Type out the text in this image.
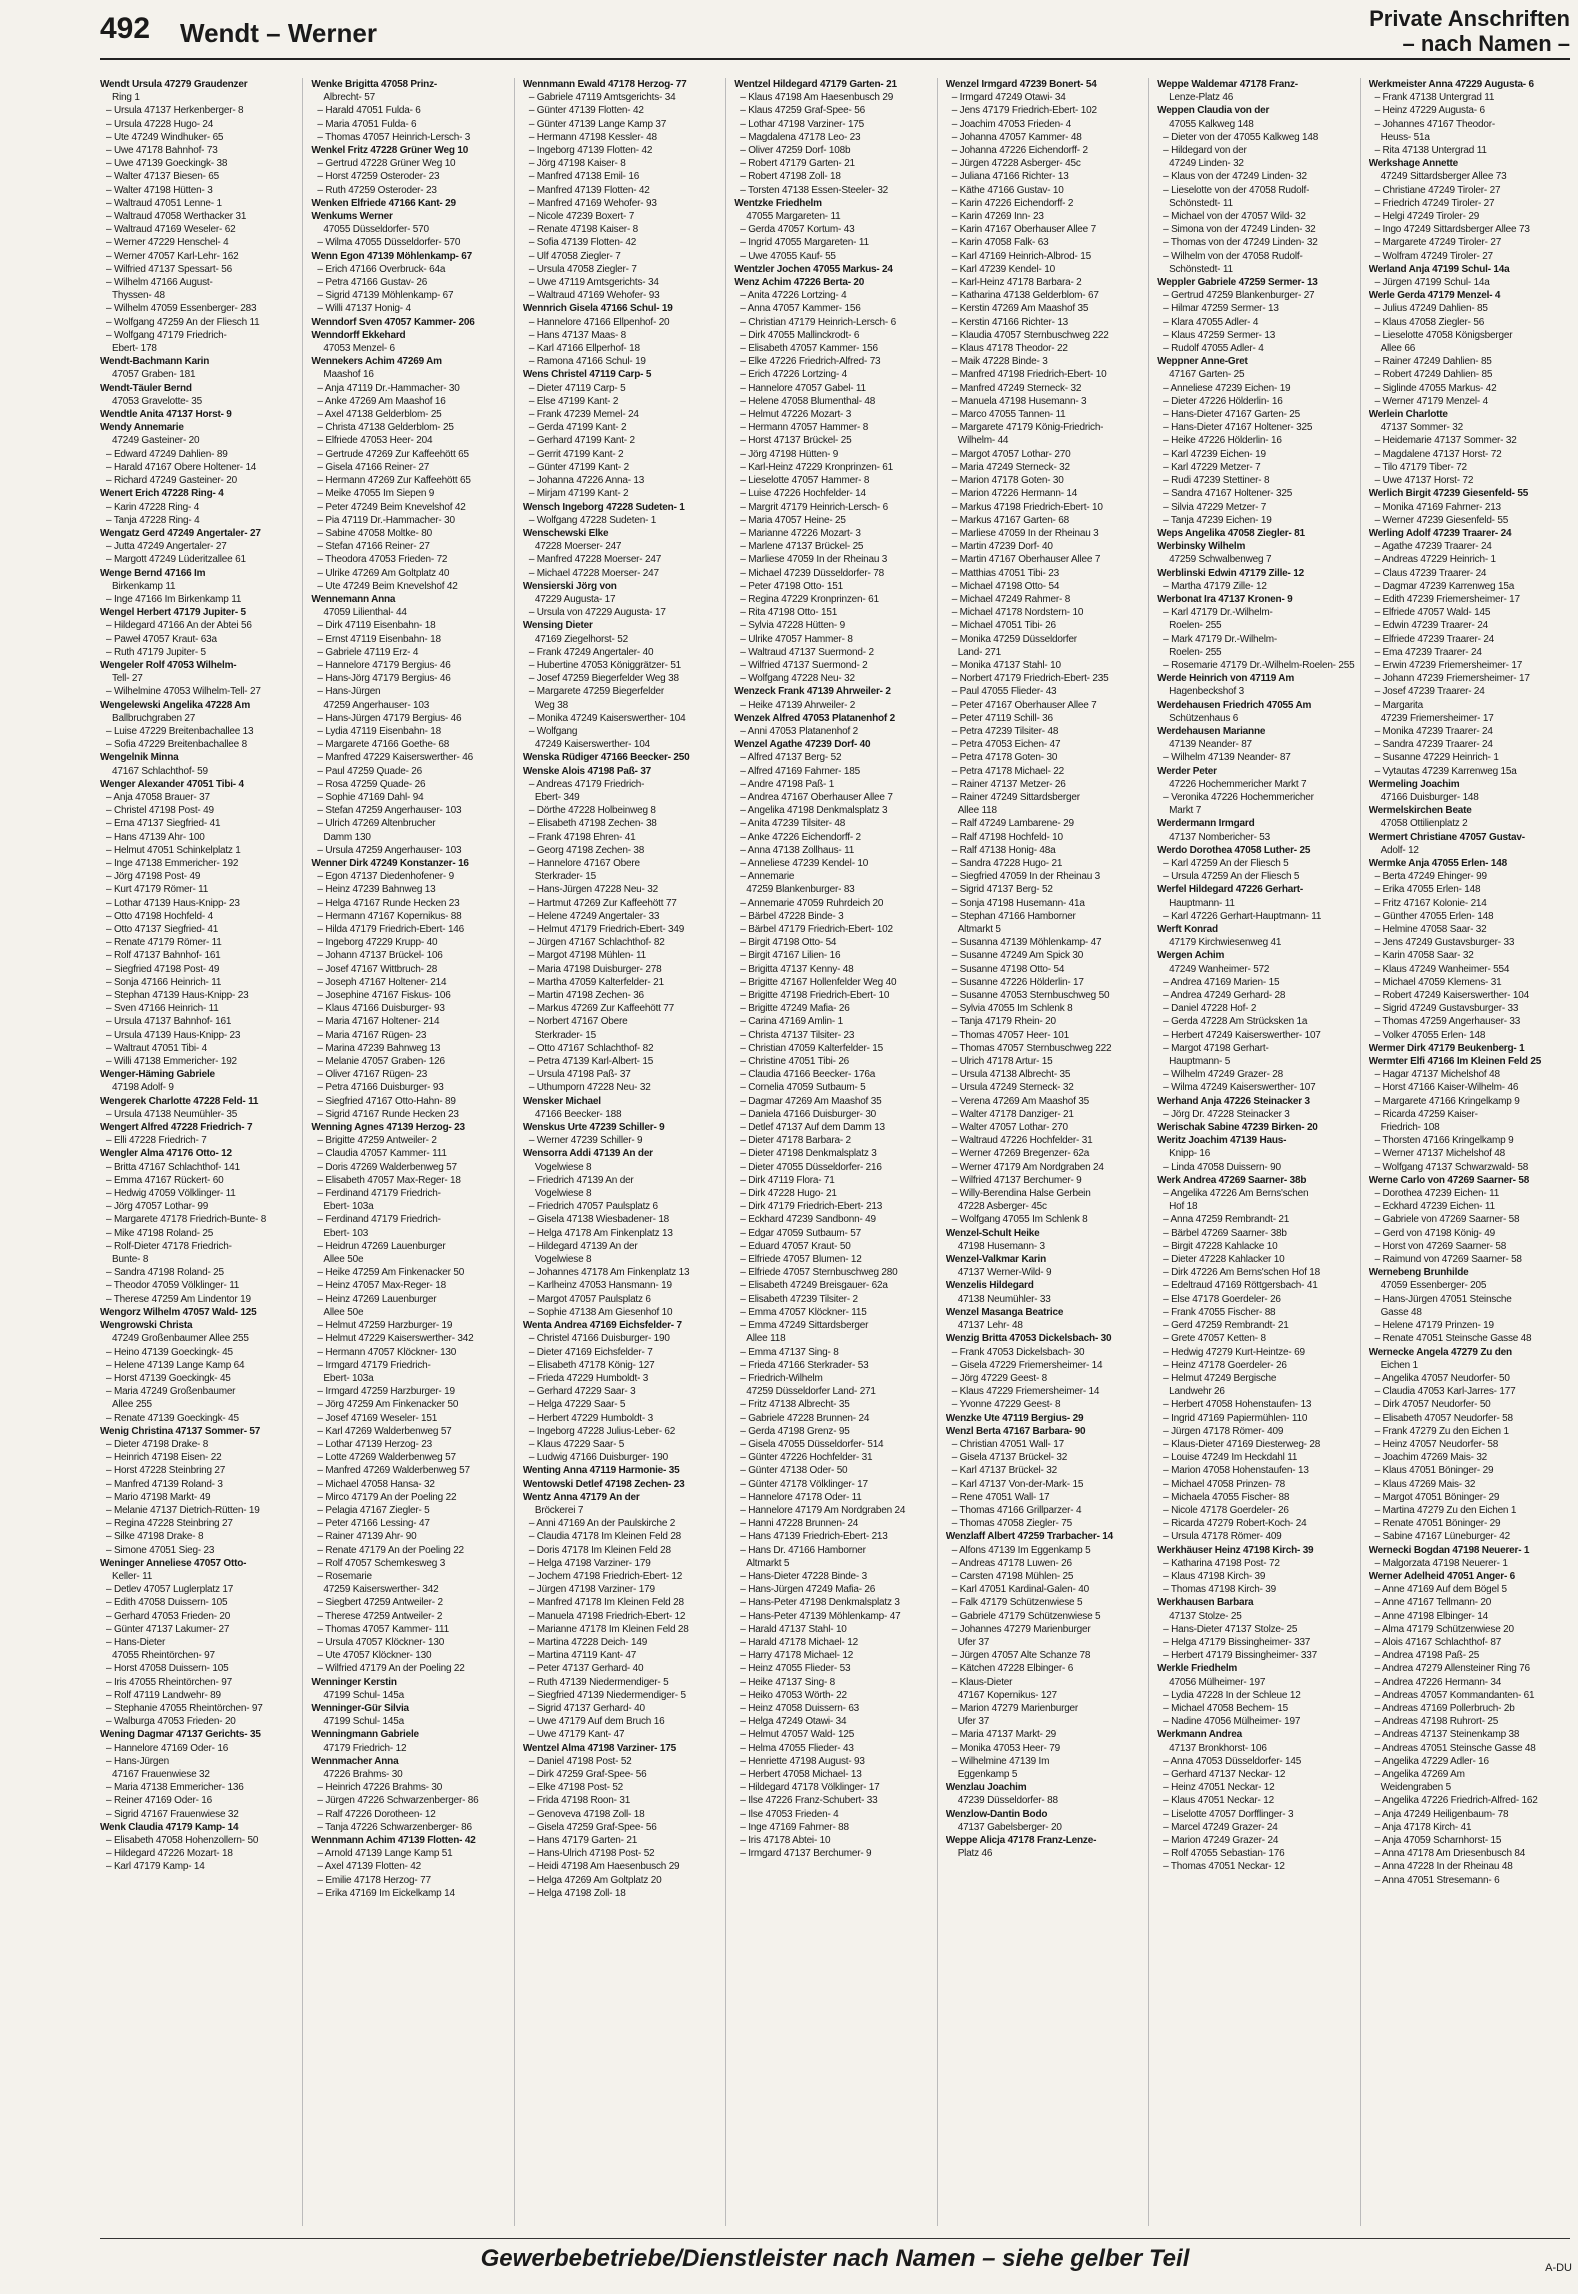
492 Wendt – Werner	Private Anschriften
– nach Namen –
Wendt Ursula 47279 Graudenzer
Ring 1
– Ursula 47137 Herkenberger- 8
– Ursula 47228 Hugo- 24
– Ute 47249 Windhuker- 65
– Uwe 47178 Bahnhof- 73
– Uwe 47139 Goeckingk- 38
– Walter 47137 Biesen- 65
– Walter 47198 Hütten- 3
– Waltraud 47051 Lenne- 1
– Waltraud 47058 Werthacker 31
– Waltraud 47169 Weseler- 62
– Werner 47229 Henschel- 4
– Werner 47057 Karl-Lehr- 162
– Wilfried 47137 Spessart- 56
– Wilhelm 47166 August-
Thyssen- 48
– Wilhelm 47059 Essenberger- 283
– Wolfgang 47259 An der Fliesch 11
– Wolfgang 47179 Friedrich-
Ebert- 178
Wendt-Bachmann Karin
47057 Graben- 181
Wendt-Täuler Bernd
47053 Gravelotte- 35
Wendtle Anita 47137 Horst- 9
Wendy Annemarie
47249 Gasteiner- 20
– Edward 47249 Dahlien- 89
– Harald 47167 Obere Holtener- 14
– Richard 47249 Gasteiner- 20
Wenert Erich 47228 Ring- 4
– Karin 47228 Ring- 4
– Tanja 47228 Ring- 4
Wengatz Gerd 47249 Angertaler- 27
– Jutta 47249 Angertaler- 27
– Margott 47249 Lüderitzallee 61
Wenge Bernd 47166 Im
Birkenkamp 11
– Inge 47166 Im Birkenkamp 11
Wengel Herbert 47179 Jupiter- 5
– Hildegard 47166 An der Abtei 56
– Paweł 47057 Kraut- 63a
– Ruth 47179 Jupiter- 5
Wengeler Rolf 47053 Wilhelm-
Tell- 27
– Wilhelmine 47053 Wilhelm-Tell- 27
Wengelewski Angelika 47228 Am
Ballbruchgraben 27
– Luise 47229 Breitenbachallee 13
– Sofia 47229 Breitenbachallee 8
Wengelnik Minna
47167 Schlachthof- 59
Wenger Alexander 47051 Tibi- 4
– Anja 47058 Brauer- 37
– Christel 47198 Post- 49
– Erna 47137 Siegfried- 41
– Hans 47139 Ahr- 100
– Helmut 47051 Schinkelplatz 1
– Inge 47138 Emmericher- 192
– Jörg 47198 Post- 49
– Kurt 47179 Römer- 11
– Lothar 47139 Haus-Knipp- 23
– Otto 47198 Hochfeld- 4
– Otto 47137 Siegfried- 41
– Renate 47179 Römer- 11
– Rolf 47137 Bahnhof- 161
– Siegfried 47198 Post- 49
– Sonja 47166 Heinrich- 11
– Stephan 47139 Haus-Knipp- 23
– Sven 47166 Heinrich- 11
– Ursula 47137 Bahnhof- 161
– Ursula 47139 Haus-Knipp- 23
– Waltraut 47051 Tibi- 4
– Willi 47138 Emmericher- 192
Wenger-Häming Gabriele
47198 Adolf- 9
Wengerek Charlotte 47228 Feld- 11
– Ursula 47138 Neumühler- 35
Wengert Alfred 47228 Friedrich- 7
– Elli 47228 Friedrich- 7
Wengler Alma 47176 Otto- 12
– Britta 47167 Schlachthof- 141
– Emma 47167 Rückert- 60
– Hedwig 47059 Völklinger- 11
– Jörg 47057 Lothar- 99
– Margarete 47178 Friedrich-Bunte- 8
– Mike 47198 Roland- 25
– Rolf-Dieter 47178 Friedrich-
Bunte- 8
– Sandra 47198 Roland- 25
– Theodor 47059 Völklinger- 11
– Therese 47259 Am Lindentor 19
Wengorz Wilhelm 47057 Wald- 125
Wengrowski Christa
47249 Großenbaumer Allee 255
– Heino 47139 Goeckingk- 45
– Helene 47139 Lange Kamp 64
– Horst 47139 Goeckingk- 45
– Maria 47249 Großenbaumer
Allee 255
– Renate 47139 Goeckingk- 45
Wenig Christina 47137 Sommer- 57
– Dieter 47198 Drake- 8
– Heinrich 47198 Eisen- 22
– Horst 47228 Steinbring 27
– Manfred 47139 Roland- 3
– Mario 47198 Markt- 49
– Melanie 47137 Dietrich-Rütten- 19
– Regina 47228 Steinbring 27
– Silke 47198 Drake- 8
– Simone 47051 Sieg- 23
Weninger Anneliese 47057 Otto-
Keller- 11
– Detlev 47057 Luglerplatz 17
– Edith 47058 Duissern- 105
– Gerhard 47053 Frieden- 20
– Günter 47137 Lakumer- 27
– Hans-Dieter
47055 Rheintörchen- 97
– Horst 47058 Duissern- 105
– Iris 47055 Rheintörchen- 97
– Rolf 47119 Landwehr- 89
– Stephanie 47055 Rheintörchen- 97
– Walburga 47053 Frieden- 20
Wening Dagmar 47137 Gerichts- 35
– Hannelore 47169 Oder- 16
– Hans-Jürgen
47167 Frauenwiese 32
– Maria 47138 Emmericher- 136
– Reiner 47169 Oder- 16
– Sigrid 47167 Frauenwiese 32
Wenk Claudia 47179 Kamp- 14
– Elisabeth 47058 Hohenzollern- 50
– Hildegard 47226 Mozart- 18
– Karl 47179 Kamp- 14
Wenke Brigitta 47058 Prinz-
Albrecht- 57
– Harald 47051 Fulda- 6
– Maria 47051 Fulda- 6
– Thomas 47057 Heinrich-Lersch- 3
Wenkel Fritz 47228 Grüner Weg 10
– Gertrud 47228 Grüner Weg 10
– Horst 47259 Osteroder- 23
– Ruth 47259 Osteroder- 23
Wenken Elfriede 47166 Kant- 29
Wenkums Werner
47055 Düsseldorfer- 570
– Wilma 47055 Düsseldorfer- 570
Wenn Egon 47139 Möhlenkamp- 67
– Erich 47166 Overbruck- 64a
– Petra 47166 Gustav- 26
– Sigrid 47139 Möhlenkamp- 67
– Willi 47137 Honig- 4
Wenndorf Sven 47057 Kammer- 206
Wenndorff Ekkehard
47053 Menzel- 6
Wennekers Achim 47269 Am
Maashof 16
– Anja 47119 Dr.-Hammacher- 30
– Anke 47269 Am Maashof 16
– Axel 47138 Gelderblom- 25
– Christa 47138 Gelderblom- 25
– Elfriede 47053 Heer- 204
– Gertrude 47269 Zur Kaffeehött 65
– Gisela 47166 Reiner- 27
– Hermann 47269 Zur Kaffeehött 65
– Meike 47055 Im Siepen 9
– Peter 47249 Beim Knevelshof 42
– Pia 47119 Dr.-Hammacher- 30
– Sabine 47058 Moltke- 80
– Stefan 47166 Reiner- 27
– Theodora 47053 Frieden- 72
– Ulrike 47269 Am Goltplatz 40
– Ute 47249 Beim Knevelshof 42
Wennemann Anna
47059 Lilienthal- 44
– Dirk 47119 Eisenbahn- 18
– Ernst 47119 Eisenbahn- 18
– Gabriele 47119 Erz- 4
– Hannelore 47179 Bergius- 46
– Hans-Jörg 47179 Bergius- 46
– Hans-Jürgen
47259 Angerhauser- 103
– Hans-Jürgen 47179 Bergius- 46
– Lydia 47119 Eisenbahn- 18
– Margarete 47166 Goethe- 68
– Manfred 47229 Kaiserswerther- 46
– Paul 47259 Quade- 26
– Rosa 47259 Quade- 26
– Sophie 47169 Dahl- 94
– Stefan 47259 Angerhauser- 103
– Ulrich 47269 Altenbrucher
Damm 130
– Ursula 47259 Angerhauser- 103
Wenner Dirk 47249 Konstanzer- 16
– Egon 47137 Diedenhofener- 9
– Heinz 47239 Bahnweg 13
– Helga 47167 Runde Hecken 23
– Hermann 47167 Kopernikus- 88
– Hilda 47179 Friedrich-Ebert- 146
– Ingeborg 47229 Krupp- 40
– Johann 47137 Brückel- 106
– Josef 47167 Wittbruch- 28
– Joseph 47167 Holtener- 214
– Josephine 47167 Fiskus- 106
– Klaus 47166 Duisburger- 93
– Maria 47167 Holtener- 214
– Maria 47167 Rügen- 23
– Marina 47239 Bahnweg 13
– Melanie 47057 Graben- 126
– Oliver 47167 Rügen- 23
– Petra 47166 Duisburger- 93
– Siegfried 47167 Otto-Hahn- 89
– Sigrid 47167 Runde Hecken 23
Wenning Agnes 47139 Herzog- 23
– Brigitte 47259 Antweiler- 2
– Claudia 47057 Kammer- 111
– Doris 47269 Walderbenweg 57
– Elisabeth 47057 Max-Reger- 18
– Ferdinand 47179 Friedrich-
Ebert- 103a
– Ferdinand 47179 Friedrich-
Ebert- 103
– Heidrun 47269 Lauenburger
Allee 50e
– Heike 47259 Am Finkenacker 50
– Heinz 47057 Max-Reger- 18
– Heinz 47269 Lauenburger
Allee 50e
– Helmut 47259 Harzburger- 19
– Helmut 47229 Kaiserswerther- 342
– Hermann 47057 Klöckner- 130
– Irmgard 47179 Friedrich-
Ebert- 103a
– Irmgard 47259 Harzburger- 19
– Jörg 47259 Am Finkenacker 50
– Josef 47169 Weseler- 151
– Karl 47269 Walderbenweg 57
– Lothar 47139 Herzog- 23
– Lotte 47269 Walderbenweg 57
– Manfred 47269 Walderbenweg 57
– Michael 47058 Hansa- 32
– Mirco 47179 An der Poeling 22
– Pelagia 47167 Ziegler- 5
– Peter 47166 Lessing- 47
– Rainer 47139 Ahr- 90
– Renate 47179 An der Poeling 22
– Rolf 47057 Schemkesweg 3
– Rosemarie
47259 Kaiserswerther- 342
– Siegbert 47259 Antweiler- 2
– Therese 47259 Antweiler- 2
– Thomas 47057 Kammer- 111
– Ursula 47057 Klöckner- 130
– Ute 47057 Klöckner- 130
– Wilfried 47179 An der Poeling 22
Wenninger Kerstin
47199 Schul- 145a
Wenninger-Gür Silvia
47199 Schul- 145a
Wenningmann Gabriele
47179 Friedrich- 12
Wennmacher Anna
47226 Brahms- 30
– Heinrich 47226 Brahms- 30
– Jürgen 47226 Schwarzenberger- 86
– Ralf 47226 Dorotheen- 12
– Tanja 47226 Schwarzenberger- 86
Wennmann Achim 47139 Flotten- 42
– Arnold 47139 Lange Kamp 51
– Axel 47139 Flotten- 42
– Emilie 47178 Herzog- 77
– Erika 47169 Im Eickelkamp 14
Wennmann Ewald 47178 Herzog- 77
– Gabriele 47119 Amtsgerichts- 34
– Günter 47139 Flotten- 42
– Günter 47139 Lange Kamp 37
– Hermann 47198 Kessler- 48
– Ingeborg 47139 Flotten- 42
– Jörg 47198 Kaiser- 8
– Manfred 47138 Emil- 16
– Manfred 47139 Flotten- 42
– Manfred 47169 Wehofer- 93
– Nicole 47239 Boxert- 7
– Renate 47198 Kaiser- 8
– Sofia 47139 Flotten- 42
– Ulf 47058 Ziegler- 7
– Ursula 47058 Ziegler- 7
– Uwe 47119 Amtsgerichts- 34
– Waltraud 47169 Wehofer- 93
Wennrich Gisela 47166 Schul- 19
– Hannelore 47166 Ellpenhof- 20
– Hans 47137 Maas- 8
– Karl 47166 Ellperhof- 18
– Ramona 47166 Schul- 19
Wens Christel 47119 Carp- 5
– Dieter 47119 Carp- 5
– Else 47199 Kant- 2
– Frank 47239 Memel- 24
– Gerda 47199 Kant- 2
– Gerhard 47199 Kant- 2
– Gerrit 47199 Kant- 2
– Günter 47199 Kant- 2
– Johanna 47226 Anna- 13
– Mirjam 47199 Kant- 2
Wensch Ingeborg 47228 Sudeten- 1
– Wolfgang 47228 Sudeten- 1
Wenschewski Elke
47228 Moerser- 247
– Manfred 47228 Moerser- 247
– Michael 47228 Moerser- 247
Wensierski Jörg von
47229 Augusta- 17
– Ursula von 47229 Augusta- 17
Wensing Dieter
47169 Ziegelhorst- 52
– Frank 47249 Angertaler- 40
– Hubertine 47053 Königgrätzer- 51
– Josef 47259 Biegerfelder Weg 38
– Margarete 47259 Biegerfelder
Weg 38
– Monika 47249 Kaiserswerther- 104
– Wolfgang
47249 Kaiserswerther- 104
Wenska Rüdiger 47166 Beecker- 250
Wenske Alois 47198 Paß- 37
– Andreas 47179 Friedrich-
Ebert- 349
– Dörthe 47228 Holbeinweg 8
– Elisabeth 47198 Zechen- 38
– Frank 47198 Ehren- 41
– Georg 47198 Zechen- 38
– Hannelore 47167 Obere
Sterkrader- 15
– Hans-Jürgen 47228 Neu- 32
– Hartmut 47269 Zur Kaffeehött 77
– Helene 47249 Angertaler- 33
– Helmut 47179 Friedrich-Ebert- 349
– Jürgen 47167 Schlachthof- 82
– Margot 47198 Mühlen- 11
– Maria 47198 Duisburger- 278
– Martha 47059 Kalterfelder- 21
– Martin 47198 Zechen- 36
– Markus 47269 Zur Kaffeehött 77
– Norbert 47167 Obere
Sterkrader- 15
– Otto 47167 Schlachthof- 82
– Petra 47139 Karl-Albert- 15
– Ursula 47198 Paß- 37
– Uthumporn 47228 Neu- 32
Wensker Michael
47166 Beecker- 188
Wenskus Urte 47239 Schiller- 9
– Werner 47239 Schiller- 9
Wensorra Addi 47139 An der
Vogelwiese 8
– Friedrich 47139 An der
Vogelwiese 8
– Friedrich 47057 Paulsplatz 6
– Gisela 47138 Wiesbadener- 18
– Helga 47178 Am Finkenplatz 13
– Hildegard 47139 An der
Vogelwiese 8
– Johannes 47178 Am Finkenplatz 13
– Karlheinz 47053 Hansmann- 19
– Margot 47057 Paulsplatz 6
– Sophie 47138 Am Giesenhof 10
Wenta Andrea 47169 Eichsfelder- 7
– Christel 47166 Duisburger- 190
– Dieter 47169 Eichsfelder- 7
– Elisabeth 47178 König- 127
– Frieda 47229 Humboldt- 3
– Gerhard 47229 Saar- 3
– Helga 47229 Saar- 5
– Herbert 47229 Humboldt- 3
– Ingeborg 47228 Julius-Leber- 62
– Klaus 47229 Saar- 5
– Ludwig 47166 Duisburger- 190
Wenting Anna 47119 Harmonie- 35
Wentowski Detlef 47198 Zechen- 23
Wentz Anna 47179 An der
Bröckerei 7
– Anni 47169 An der Paulskirche 2
– Claudia 47178 Im Kleinen Feld 28
– Doris 47178 Im Kleinen Feld 28
– Helga 47198 Varziner- 179
– Jochem 47198 Friedrich-Ebert- 12
– Jürgen 47198 Varziner- 179
– Manfred 47178 Im Kleinen Feld 28
– Manuela 47198 Friedrich-Ebert- 12
– Marianne 47178 Im Kleinen Feld 28
– Martina 47228 Deich- 149
– Martina 47119 Kant- 47
– Peter 47137 Gerhard- 40
– Ruth 47139 Niedermendiger- 5
– Siegfried 47139 Niedermendiger- 5
– Sigrid 47137 Gerhard- 40
– Uwe 47179 Auf dem Bruch 16
– Uwe 47179 Kant- 47
Wentzel Alma 47198 Varziner- 175
– Daniel 47198 Post- 52
– Dirk 47259 Graf-Spee- 56
– Elke 47198 Post- 52
– Frida 47198 Roon- 31
– Genoveva 47198 Zoll- 18
– Gisela 47259 Graf-Spee- 56
– Hans 47179 Garten- 21
– Hans-Ulrich 47198 Post- 52
– Heidi 47198 Am Haesenbusch 29
– Helga 47269 Am Goltplatz 20
– Helga 47198 Zoll- 18
Wentzel Hildegard 47179 Garten- 21
– Klaus 47198 Am Haesenbusch 29
– Klaus 47259 Graf-Spee- 56
– Lothar 47198 Varziner- 175
– Magdalena 47178 Leo- 23
– Oliver 47259 Dorf- 108b
– Robert 47179 Garten- 21
– Robert 47198 Zoll- 18
– Torsten 47138 Essen-Steeler- 32
Wentzke Friedhelm
47055 Margareten- 11
– Gerda 47057 Kortum- 43
– Ingrid 47055 Margareten- 11
– Uwe 47055 Kauf- 55
Wentzler Jochen 47055 Markus- 24
Wenz Achim 47226 Berta- 20
– Anita 47226 Lortzing- 4
– Anna 47057 Kammer- 156
– Christian 47179 Heinrich-Lersch- 6
– Dirk 47055 Mallinckrodt- 6
– Elisabeth 47057 Kammer- 156
– Elke 47226 Friedrich-Alfred- 73
– Erich 47226 Lortzing- 4
– Hannelore 47057 Gabel- 11
– Helene 47058 Blumenthal- 48
– Helmut 47226 Mozart- 3
– Hermann 47057 Hammer- 8
– Horst 47137 Brückel- 25
– Jörg 47198 Hütten- 9
– Karl-Heinz 47229 Kronprinzen- 61
– Lieselotte 47057 Hammer- 8
– Luise 47226 Hochfelder- 14
– Margrit 47179 Heinrich-Lersch- 6
– Maria 47057 Heine- 25
– Marianne 47226 Mozart- 3
– Marlene 47137 Brückel- 25
– Marliese 47059 In der Rheinau 3
– Michael 47239 Düsseldorfer- 78
– Peter 47198 Otto- 151
– Regina 47229 Kronprinzen- 61
– Rita 47198 Otto- 151
– Sylvia 47228 Hütten- 9
– Ulrike 47057 Hammer- 8
– Waltraud 47137 Suermond- 2
– Wilfried 47137 Suermond- 2
– Wolfgang 47228 Neu- 32
Wenzeck Frank 47139 Ahrweiler- 2
– Heike 47139 Ahrweiler- 2
Wenzek Alfred 47053 Platanenhof 2
– Anni 47053 Platanenhof 2
Wenzel Agathe 47239 Dorf- 40
– Alfred 47137 Berg- 52
– Alfred 47169 Fahrner- 185
– Andre 47198 Paß- 1
– Andrea 47167 Oberhauser Allee 7
– Angelika 47198 Denkmalsplatz 3
– Anita 47239 Tilsiter- 48
– Anke 47226 Eichendorff- 2
– Anna 47138 Zollhaus- 11
– Anneliese 47239 Kendel- 10
– Annemarie
47259 Blankenburger- 83
– Annemarie 47059 Ruhrdeich 20
– Bärbel 47228 Binde- 3
– Bärbel 47179 Friedrich-Ebert- 102
– Birgit 47198 Otto- 54
– Birgit 47167 Lilien- 16
– Brigitta 47137 Kenny- 48
– Brigitte 47167 Hollenfelder Weg 40
– Brigitte 47198 Friedrich-Ebert- 10
– Brigitte 47249 Mafia- 26
– Carina 47169 Amlin- 1
– Christa 47137 Tilsiter- 23
– Christian 47059 Kalterfelder- 15
– Christine 47051 Tibi- 26
– Claudia 47166 Beecker- 176a
– Cornelia 47059 Sutbaum- 5
– Dagmar 47269 Am Maashof 35
– Daniela 47166 Duisburger- 30
– Detlef 47137 Auf dem Damm 13
– Dieter 47178 Barbara- 2
– Dieter 47198 Denkmalsplatz 3
– Dieter 47055 Düsseldorfer- 216
– Dirk 47119 Flora- 71
– Dirk 47228 Hugo- 21
– Dirk 47179 Friedrich-Ebert- 213
– Eckhard 47239 Sandbonn- 49
– Edgar 47059 Sutbaum- 57
– Eduard 47057 Kraut- 50
– Elfriede 47057 Blumen- 12
– Elfriede 47057 Sternbuschweg 280
– Elisabeth 47249 Breisgauer- 62a
– Elisabeth 47239 Tilsiter- 2
– Emma 47057 Klöckner- 115
– Emma 47249 Sittardsberger
Allee 118
– Emma 47137 Sing- 8
– Frieda 47166 Sterkrader- 53
– Friedrich-Wilhelm
47259 Düsseldorfer Land- 271
– Fritz 47138 Albrecht- 35
– Gabriele 47228 Brunnen- 24
– Gerda 47198 Grenz- 95
– Gisela 47055 Düsseldorfer- 514
– Günter 47226 Hochfelder- 31
– Günter 47138 Oder- 50
– Günter 47178 Völklinger- 17
– Hannelore 47178 Oder- 11
– Hannelore 47179 Am Nordgraben 24
– Hanni 47228 Brunnen- 24
– Hans 47139 Friedrich-Ebert- 213
– Hans Dr. 47166 Hamborner
Altmarkt 5
– Hans-Dieter 47228 Binde- 3
– Hans-Jürgen 47249 Mafia- 26
– Hans-Peter 47198 Denkmalsplatz 3
– Hans-Peter 47139 Möhlenkamp- 47
– Harald 47137 Stahl- 10
– Harald 47178 Michael- 12
– Harry 47178 Michael- 12
– Heinz 47055 Flieder- 53
– Heike 47137 Sing- 8
– Heiko 47053 Wörth- 22
– Heinz 47058 Duissern- 63
– Helga 47249 Otawi- 34
– Helmut 47057 Wald- 125
– Helma 47055 Flieder- 43
– Henriette 47198 August- 93
– Herbert 47058 Michael- 13
– Hildegard 47178 Völklinger- 17
– Ilse 47226 Franz-Schubert- 33
– Ilse 47053 Frieden- 4
– Inge 47169 Fahrner- 88
– Iris 47178 Abtei- 10
– Irmgard 47137 Berchumer- 9
Wenzel Irmgard 47239 Bonert- 54
– Irmgard 47249 Otawi- 34
– Jens 47179 Friedrich-Ebert- 102
– Joachim 47053 Frieden- 4
– Johanna 47057 Kammer- 48
– Johanna 47226 Eichendorff- 2
– Jürgen 47228 Asberger- 45c
– Juliana 47166 Richter- 13
– Käthe 47166 Gustav- 10
– Karin 47226 Eichendorff- 2
– Karin 47269 Inn- 23
– Karin 47167 Oberhauser Allee 7
– Karin 47058 Falk- 63
– Karl 47169 Heinrich-Albrod- 15
– Karl 47239 Kendel- 10
– Karl-Heinz 47178 Barbara- 2
– Katharina 47138 Gelderblom- 67
– Kerstin 47269 Am Maashof 35
– Kerstin 47166 Richter- 13
– Klaudia 47057 Sternbuschweg 222
– Klaus 47178 Theodor- 22
– Maik 47228 Binde- 3
– Manfred 47198 Friedrich-Ebert- 10
– Manfred 47249 Sterneck- 32
– Manuela 47198 Husemann- 3
– Marco 47055 Tannen- 11
– Margarete 47179 König-Friedrich-
Wilhelm- 44
– Margot 47057 Lothar- 270
– Maria 47249 Sterneck- 32
– Marion 47178 Goten- 30
– Marion 47226 Hermann- 14
– Markus 47198 Friedrich-Ebert- 10
– Markus 47167 Garten- 68
– Marliese 47059 In der Rheinau 3
– Martin 47239 Dorf- 40
– Martin 47167 Oberhauser Allee 7
– Matthias 47051 Tibi- 23
– Michael 47198 Otto- 54
– Michael 47249 Rahmer- 8
– Michael 47178 Nordstern- 10
– Michael 47051 Tibi- 26
– Monika 47259 Düsseldorfer
Land- 271
– Monika 47137 Stahl- 10
– Norbert 47179 Friedrich-Ebert- 235
– Paul 47055 Flieder- 43
– Peter 47167 Oberhauser Allee 7
– Peter 47119 Schill- 36
– Petra 47239 Tilsiter- 48
– Petra 47053 Eichen- 47
– Petra 47178 Goten- 30
– Petra 47178 Michael- 22
– Rainer 47137 Metzer- 26
– Rainer 47249 Sittardsberger
Allee 118
– Ralf 47249 Lambarene- 29
– Ralf 47198 Hochfeld- 10
– Ralf 47138 Honig- 48a
– Sandra 47228 Hugo- 21
– Siegfried 47059 In der Rheinau 3
– Sigrid 47137 Berg- 52
– Sonja 47198 Husemann- 41a
– Stephan 47166 Hamborner
Altmarkt 5
– Susanna 47139 Möhlenkamp- 47
– Susanne 47249 Am Spick 30
– Susanne 47198 Otto- 54
– Susanne 47226 Hölderlin- 17
– Susanne 47053 Sternbuschweg 50
– Sylvia 47055 Im Schlenk 8
– Tanja 47179 Rhein- 20
– Thomas 47057 Heer- 101
– Thomas 47057 Sternbuschweg 222
– Ulrich 47178 Artur- 15
– Ursula 47138 Albrecht- 35
– Ursula 47249 Sterneck- 32
– Verena 47269 Am Maashof 35
– Walter 47178 Danziger- 21
– Walter 47057 Lothar- 270
– Waltraud 47226 Hochfelder- 31
– Werner 47269 Bregenzer- 62a
– Werner 47179 Am Nordgraben 24
– Wilfried 47137 Berchumer- 9
– Willy-Berendina Halse Gerbein
47228 Asberger- 45c
– Wolfgang 47055 Im Schlenk 8
Wenzel-Schult Heike
47198 Husemann- 3
Wenzel-Valkmar Karin
47137 Werner-Wild- 9
Wenzelis Hildegard
47138 Neumühler- 33
Wenzel Masanga Beatrice
47137 Lehr- 48
Wenzig Britta 47053 Dickelsbach- 30
– Frank 47053 Dickelsbach- 30
– Gisela 47229 Friemersheimer- 14
– Jörg 47229 Geest- 8
– Klaus 47229 Friemersheimer- 14
– Yvonne 47229 Geest- 8
Wenzke Ute 47119 Bergius- 29
Wenzl Berta 47167 Barbara- 90
– Christian 47051 Wall- 17
– Gisela 47137 Brückel- 32
– Karl 47137 Brückel- 32
– Karl 47137 Von-der-Mark- 15
– Rene 47051 Wall- 17
– Thomas 47166 Grillparzer- 4
– Thomas 47058 Ziegler- 75
Wenzlaff Albert 47259 Trarbacher- 14
– Alfons 47139 Im Eggenkamp 5
– Andreas 47178 Luwen- 26
– Carsten 47198 Mühlen- 25
– Karl 47051 Kardinal-Galen- 40
– Falk 47179 Schützenwiese 5
– Gabriele 47179 Schützenwiese 5
– Johannes 47279 Marienburger
Ufer 37
– Jürgen 47057 Alte Schanze 78
– Kätchen 47228 Elbinger- 6
– Klaus-Dieter
47167 Kopernikus- 127
– Marion 47279 Marienburger
Ufer 37
– Maria 47137 Markt- 29
– Monika 47053 Heer- 79
– Wilhelmine 47139 Im
Eggenkamp 5
Wenzlau Joachim
47239 Düsseldorfer- 88
Wenzlow-Dantin Bodo
47137 Gabelsberger- 20
Weppe Alicja 47178 Franz-Lenze-
Platz 46
Weppe Waldemar 47178 Franz-
Lenze-Platz 46
Weppen Claudia von der
47055 Kalkweg 148
– Dieter von der 47055 Kalkweg 148
– Hildegard von der
47249 Linden- 32
– Klaus von der 47249 Linden- 32
– Lieselotte von der 47058 Rudolf-
Schönstedt- 11
– Michael von der 47057 Wild- 32
– Simona von der 47249 Linden- 32
– Thomas von der 47249 Linden- 32
– Wilhelm von der 47058 Rudolf-
Schönstedt- 11
Weppler Gabriele 47259 Sermer- 13
– Gertrud 47259 Blankenburger- 27
– Hilmar 47259 Sermer- 13
– Klara 47055 Adler- 4
– Klaus 47259 Sermer- 13
– Rudolf 47055 Adler- 4
Weppner Anne-Gret
47167 Garten- 25
– Anneliese 47239 Eichen- 19
– Dieter 47226 Hölderlin- 16
– Hans-Dieter 47167 Garten- 25
– Hans-Dieter 47167 Holtener- 325
– Heike 47226 Hölderlin- 16
– Karl 47239 Eichen- 19
– Karl 47229 Metzer- 7
– Rudi 47239 Stettiner- 8
– Sandra 47167 Holtener- 325
– Silvia 47229 Metzer- 7
– Tanja 47239 Eichen- 19
Weps Angelika 47058 Ziegler- 81
Werbinsky Wilhelm
47259 Schwalbenweg 7
Werblinski Edwin 47179 Zille- 12
– Martha 47179 Zille- 12
Werbonat Ira 47137 Kronen- 9
– Karl 47179 Dr.-Wilhelm-
Roelen- 255
– Mark 47179 Dr.-Wilhelm-
Roelen- 255
– Rosemarie 47179 Dr.-Wilhelm-Roelen- 255
Werde Heinrich von 47119 Am
Hagenbeckshof 3
Werdehausen Friedrich 47055 Am
Schützenhaus 6
Werdehausen Marianne
47139 Neander- 87
– Wilhelm 47139 Neander- 87
Werder Peter
47226 Hochemmericher Markt 7
– Veronika 47226 Hochemmericher
Markt 7
Werdermann Irmgard
47137 Nombericher- 53
Werdo Dorothea 47058 Luther- 25
– Karl 47259 An der Fliesch 5
– Ursula 47259 An der Fliesch 5
Werfel Hildegard 47226 Gerhart-
Hauptmann- 11
– Karl 47226 Gerhart-Hauptmann- 11
Werft Konrad
47179 Kirchwiesenweg 41
Wergen Achim
47249 Wanheimer- 572
– Andrea 47169 Marien- 15
– Andrea 47249 Gerhard- 28
– Daniel 47228 Hof- 2
– Gerda 47228 Am Strücksken 1a
– Herbert 47249 Kaiserswerther- 107
– Margot 47198 Gerhart-
Hauptmann- 5
– Wilhelm 47249 Grazer- 28
– Wilma 47249 Kaiserswerther- 107
Werhand Anja 47226 Steinacker 3
– Jörg Dr. 47228 Steinacker 3
Werischak Sabine 47239 Birken- 20
Weritz Joachim 47139 Haus-
Knipp- 16
– Linda 47058 Duissern- 90
Werk Andrea 47269 Saarner- 38b
– Angelika 47226 Am Berns'schen
Hof 18
– Anna 47259 Rembrandt- 21
– Bärbel 47269 Saarner- 38b
– Birgit 47228 Kahlacke 10
– Dieter 47228 Kahlacker 10
– Dirk 47226 Am Berns'schen Hof 18
– Edeltraud 47169 Röttgersbach- 41
– Else 47178 Goerdeler- 26
– Frank 47055 Fischer- 88
– Gerd 47259 Rembrandt- 21
– Grete 47057 Ketten- 8
– Hedwig 47279 Kurt-Heintze- 69
– Heinz 47178 Goerdeler- 26
– Helmut 47249 Bergische
Landwehr 26
– Herbert 47058 Hohenstaufen- 13
– Ingrid 47169 Papiermühlen- 110
– Jürgen 47178 Römer- 409
– Klaus-Dieter 47169 Diesterweg- 28
– Louise 47249 Im Heckdahl 11
– Marion 47058 Hohenstaufen- 13
– Michael 47058 Prinzen- 78
– Michaela 47055 Fischer- 88
– Nicole 47178 Goerdeler- 26
– Ricarda 47279 Robert-Koch- 24
– Ursula 47178 Römer- 409
Werkhäuser Heinz 47198 Kirch- 39
– Katharina 47198 Post- 72
– Klaus 47198 Kirch- 39
– Thomas 47198 Kirch- 39
Werkhausen Barbara
47137 Stolze- 25
– Hans-Dieter 47137 Stolze- 25
– Helga 47179 Bissingheimer- 337
– Herbert 47179 Bissingheimer- 337
Werkle Friedhelm
47056 Mülheimer- 197
– Lydia 47228 In der Schleue 12
– Michael 47058 Bechem- 15
– Nadine 47056 Mülheimer- 197
Werkmann Andrea
47137 Bronkhorst- 106
– Anna 47053 Düsseldorfer- 145
– Gerhard 47137 Neckar- 12
– Heinz 47051 Neckar- 12
– Klaus 47051 Neckar- 12
– Liselotte 47057 Dorfflinger- 3
– Marcel 47249 Grazer- 24
– Marion 47249 Grazer- 24
– Rolf 47055 Sebastian- 176
– Thomas 47051 Neckar- 12
Werkmeister Anna 47229 Augusta- 6
– Frank 47138 Untergrad 11
– Heinz 47229 Augusta- 6
– Johannes 47167 Theodor-
Heuss- 51a
– Rita 47138 Untergrad 11
Werkshage Annette
47249 Sittardsberger Allee 73
– Christiane 47249 Tiroler- 27
– Friedrich 47249 Tiroler- 27
– Helgi 47249 Tiroler- 29
– Ingo 47249 Sittardsberger Allee 73
– Margarete 47249 Tiroler- 27
– Wolfram 47249 Tiroler- 27
Werland Anja 47199 Schul- 14a
– Jürgen 47199 Schul- 14a
Werle Gerda 47179 Menzel- 4
– Julius 47249 Dahlien- 85
– Klaus 47058 Ziegler- 56
– Lieselotte 47058 Königsberger
Allee 66
– Rainer 47249 Dahlien- 85
– Robert 47249 Dahlien- 85
– Siglinde 47055 Markus- 42
– Werner 47179 Menzel- 4
Werlein Charlotte
47137 Sommer- 32
– Heidemarie 47137 Sommer- 32
– Magdalene 47137 Horst- 72
– Tilo 47179 Tiber- 72
– Uwe 47137 Horst- 72
Werlich Birgit 47239 Giesenfeld- 55
– Monika 47169 Fahrner- 213
– Werner 47239 Giesenfeld- 55
Werling Adolf 47239 Traarer- 24
– Agathe 47239 Traarer- 24
– Andreas 47229 Heinrich- 1
– Claus 47239 Traarer- 24
– Dagmar 47239 Karrenweg 15a
– Edith 47239 Friemersheimer- 17
– Elfriede 47057 Wald- 145
– Edwin 47239 Traarer- 24
– Elfriede 47239 Traarer- 24
– Ema 47239 Traarer- 24
– Erwin 47239 Friemersheimer- 17
– Johann 47239 Friemersheimer- 17
– Josef 47239 Traarer- 24
– Margarita
47239 Friemersheimer- 17
– Monika 47239 Traarer- 24
– Sandra 47239 Traarer- 24
– Susanne 47229 Heinrich- 1
– Vytautas 47239 Karrenweg 15a
Wermeling Joachim
47166 Duisburger- 148
Wermelskirchen Beate
47058 Ottilienplatz 2
Wermert Christiane 47057 Gustav-
Adolf- 12
Wermke Anja 47055 Erlen- 148
– Berta 47249 Ehinger- 99
– Erika 47055 Erlen- 148
– Fritz 47167 Kolonie- 214
– Günther 47055 Erlen- 148
– Helmine 47058 Saar- 32
– Jens 47249 Gustavsburger- 33
– Karin 47058 Saar- 32
– Klaus 47249 Wanheimer- 554
– Michael 47059 Klemens- 31
– Robert 47249 Kaiserswerther- 104
– Sigrid 47249 Gustavsburger- 33
– Thomas 47259 Angerhauser- 33
– Volker 47055 Erlen- 148
Wermer Dirk 47179 Beukenberg- 1
Wermter Elfi 47166 Im Kleinen Feld 25
– Hagar 47137 Michelshof 48
– Horst 47166 Kaiser-Wilhelm- 46
– Margarete 47166 Kringelkamp 9
– Ricarda 47259 Kaiser-
Friedrich- 108
– Thorsten 47166 Kringelkamp 9
– Werner 47137 Michelshof 48
– Wolfgang 47137 Schwarzwald- 58
Werne Carlo von 47269 Saarner- 58
– Dorothea 47239 Eichen- 11
– Eckhard 47239 Eichen- 11
– Gabriele von 47269 Saarner- 58
– Gerd von 47198 König- 49
– Horst von 47269 Saarner- 58
– Raimund von 47269 Saarner- 58
Wernebeng Brunhilde
47059 Essenberger- 205
– Hans-Jürgen 47051 Steinsche
Gasse 48
– Helene 47179 Prinzen- 19
– Renate 47051 Steinsche Gasse 48
Wernecke Angela 47279 Zu den
Eichen 1
– Angelika 47057 Neudorfer- 50
– Claudia 47053 Karl-Jarres- 177
– Dirk 47057 Neudorfer- 50
– Elisabeth 47057 Neudorfer- 58
– Frank 47279 Zu den Eichen 1
– Heinz 47057 Neudorfer- 58
– Joachim 47269 Mais- 32
– Klaus 47051 Böninger- 29
– Klaus 47269 Mais- 32
– Margot 47051 Böninger- 29
– Martina 47279 Zu den Eichen 1
– Renate 47051 Böninger- 29
– Sabine 47167 Lüneburger- 42
Wernecki Bogdan 47198 Neuerer- 1
– Malgorzata 47198 Neuerer- 1
Werner Adelheid 47051 Anger- 6
– Anne 47169 Auf dem Bögel 5
– Anne 47167 Tellmann- 20
– Anne 47198 Elbinger- 14
– Alma 47179 Schützenwiese 20
– Alois 47167 Schlachthof- 87
– Andrea 47198 Paß- 25
– Andrea 47279 Allensteiner Ring 76
– Andrea 47226 Hermann- 34
– Andreas 47057 Kommandanten- 61
– Andreas 47169 Pollerbruch- 2b
– Andreas 47198 Ruhrort- 25
– Andreas 47137 Steinenkamp 38
– Andreas 47051 Steinsche Gasse 48
– Angelika 47229 Adler- 16
– Angelika 47269 Am
Weidengraben 5
– Angelika 47226 Friedrich-Alfred- 162
– Anja 47249 Heiligenbaum- 78
– Anja 47178 Kirch- 41
– Anja 47059 Scharnhorst- 15
– Anna 47178 Am Driesenbusch 84
– Anna 47228 In der Rheinau 48
– Anna 47051 Stresemann- 6
Gewerbebetriebe/Dienstleister nach Namen – siehe gelber Teil	A-DU
